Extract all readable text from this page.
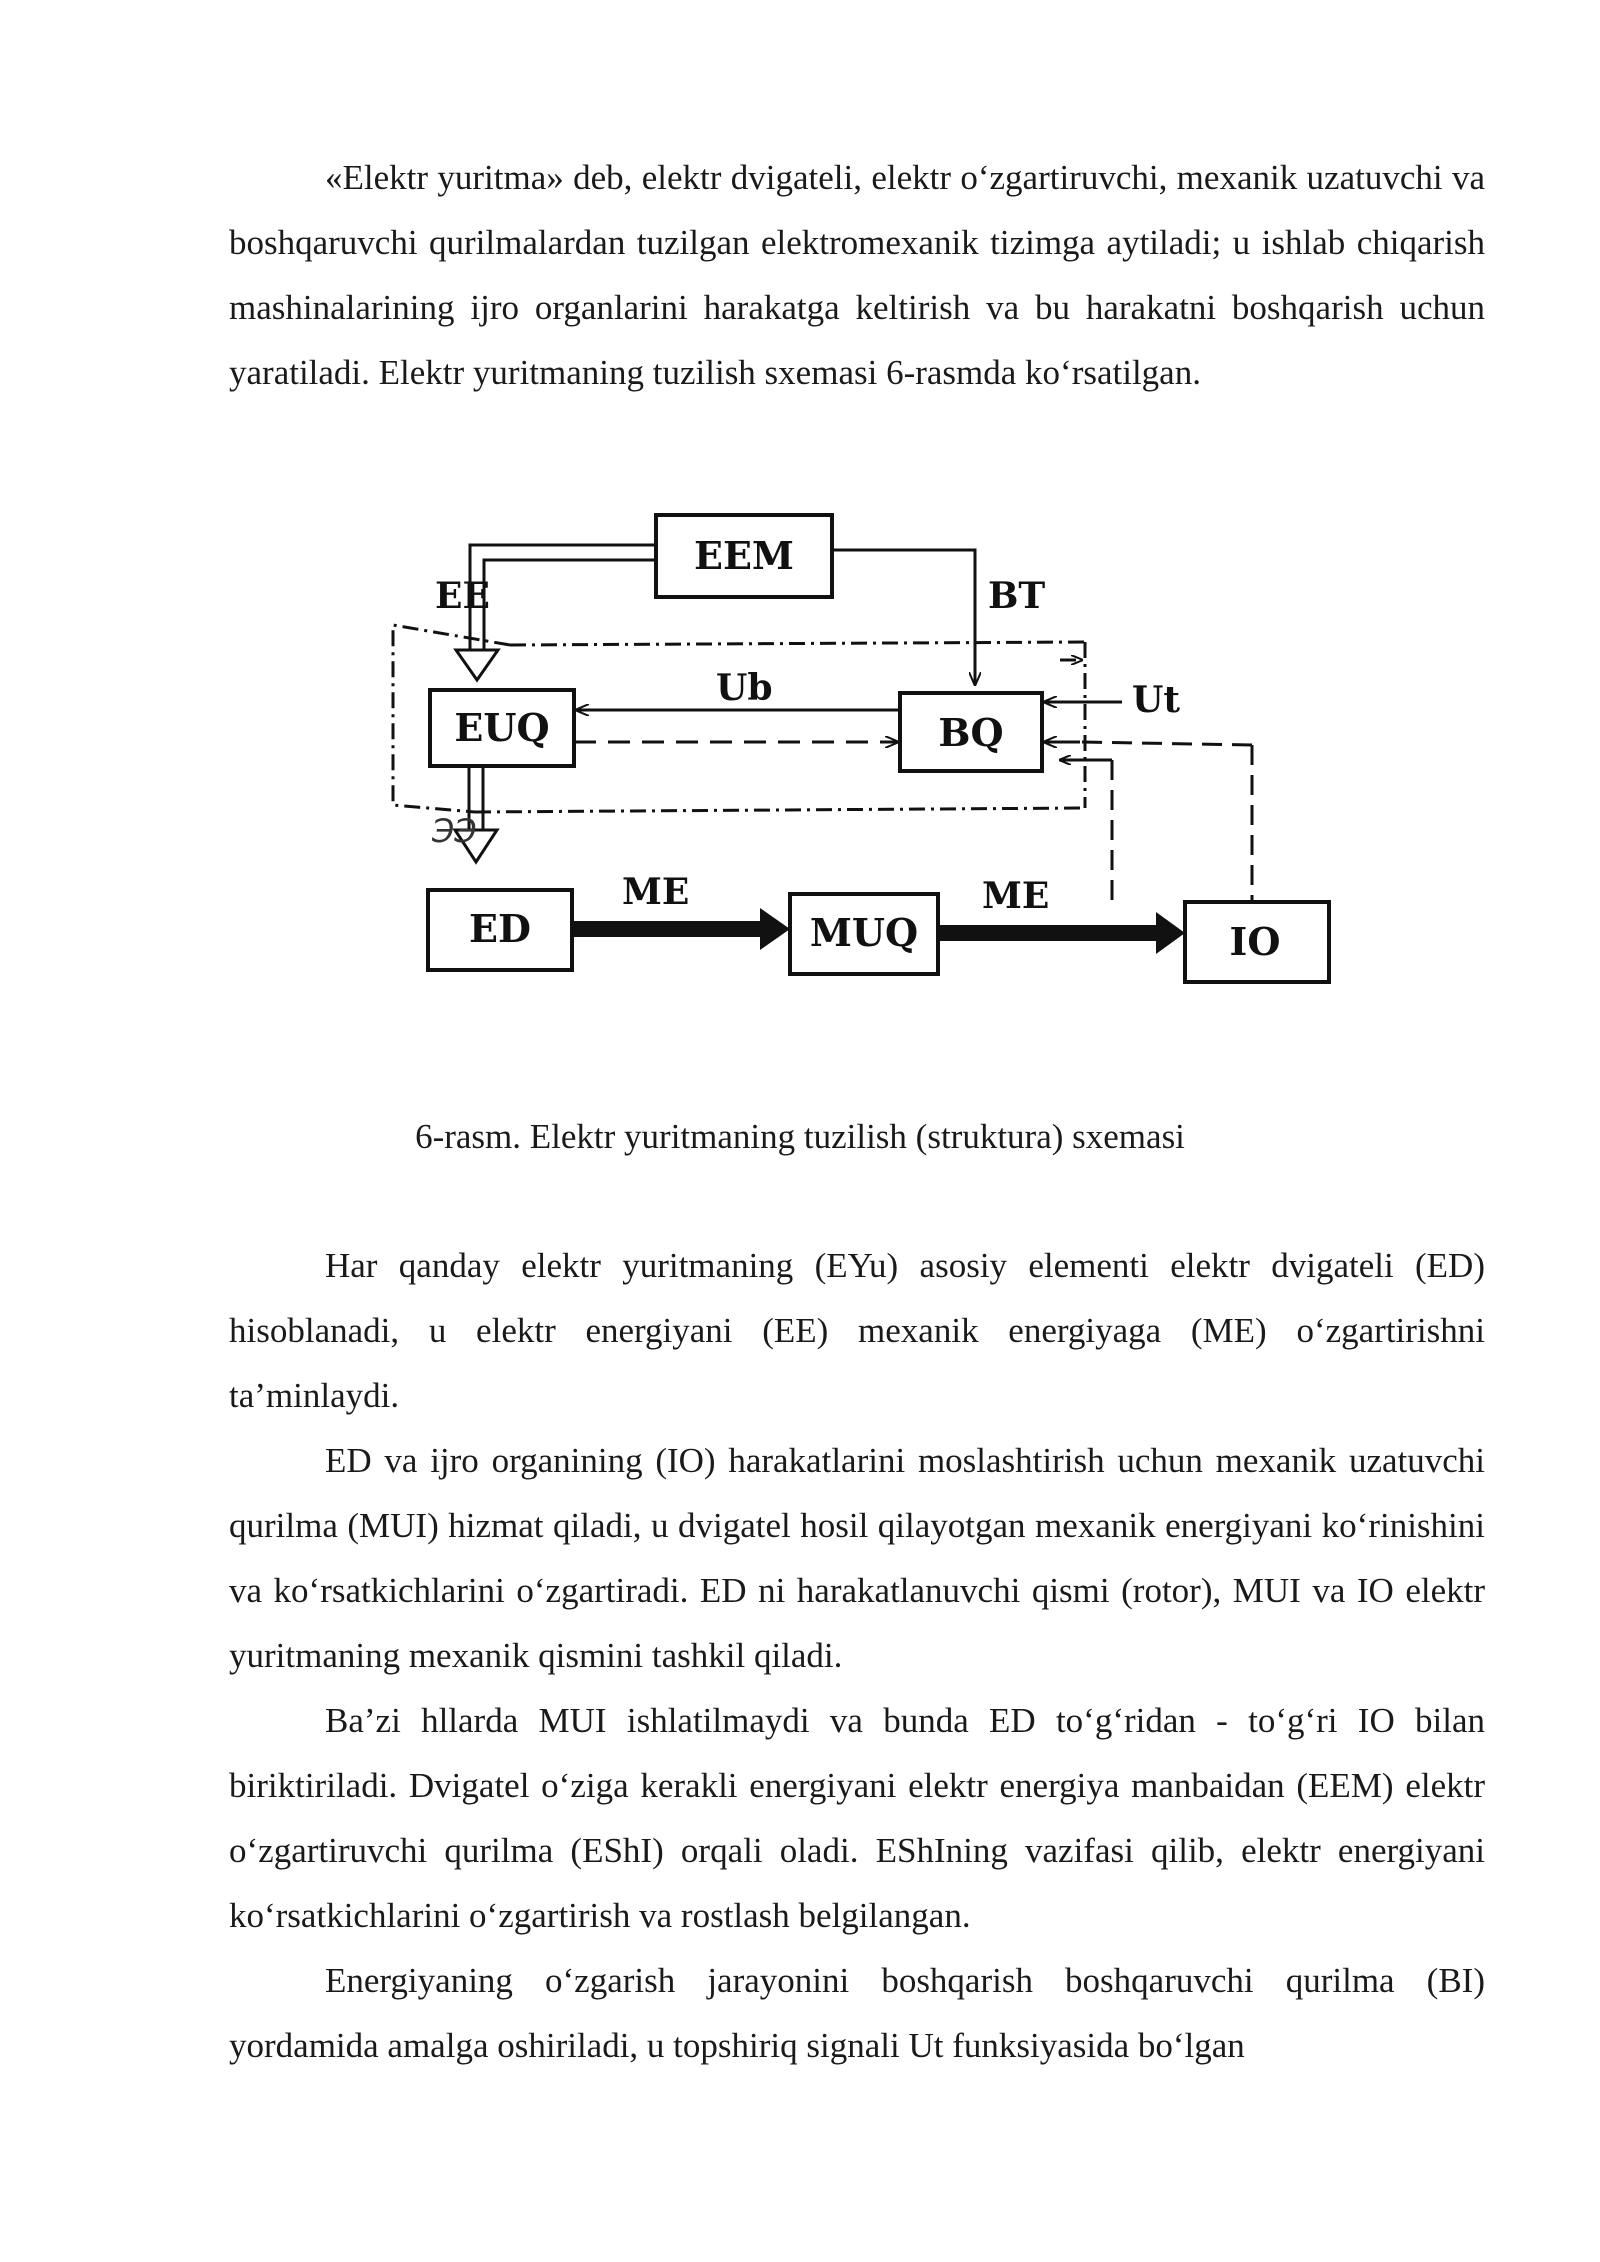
«Elektr yuritma» deb, elektr dvigateli, elektr o‘zgartiruvchi, mexanik uzatuvchi va boshqaruvchi qurilmalardan tuzilgan elektromexanik tizimga aytiladi; u ishlab chiqarish mashinalarining ijro organlarini harakatga keltirish va bu harakatni boshqarish uchun yaratiladi. Elektr yuritmaning tuzilish sxemasi 6-rasmda ko‘rsatilgan.

EEM
EUQ	BQ
ED	MUQ	IO
EE	BT
Ub	Ut
ЭЭ
ME	ME

6-rasm. Elektr yuritmaning tuzilish (struktura) sxemasi

Har qanday elektr yuritmaning (EYu) asosiy elementi elektr dvigateli (ED) hisoblanadi, u elektr energiyani (EE) mexanik energiyaga (ME) o‘zgartirishni ta’minlaydi.

ED va ijro organining (IO) harakatlarini moslashtirish uchun mexanik uzatuvchi qurilma (MUI) hizmat qiladi, u dvigatel hosil qilayotgan mexanik energiyani ko‘rinishini va ko‘rsatkichlarini o‘zgartiradi. ED ni harakatlanuvchi qismi (rotor), MUI va IO elektr yuritmaning mexanik qismini tashkil qiladi.

Ba’zi hllarda MUI ishlatilmaydi va bunda ED to‘g‘ridan - to‘g‘ri IO bilan biriktiriladi. Dvigatel o‘ziga kerakli energiyani elektr energiya manbaidan (EEM) elektr o‘zgartiruvchi qurilma (EShI) orqali oladi. EShIning vazifasi qilib, elektr energiyani ko‘rsatkichlarini o‘zgartirish va rostlash belgilangan.

Energiyaning o‘zgarish jarayonini boshqarish boshqaruvchi qurilma (BI) yordamida amalga oshiriladi, u topshiriq signali Ut funksiyasida bo‘lgan
